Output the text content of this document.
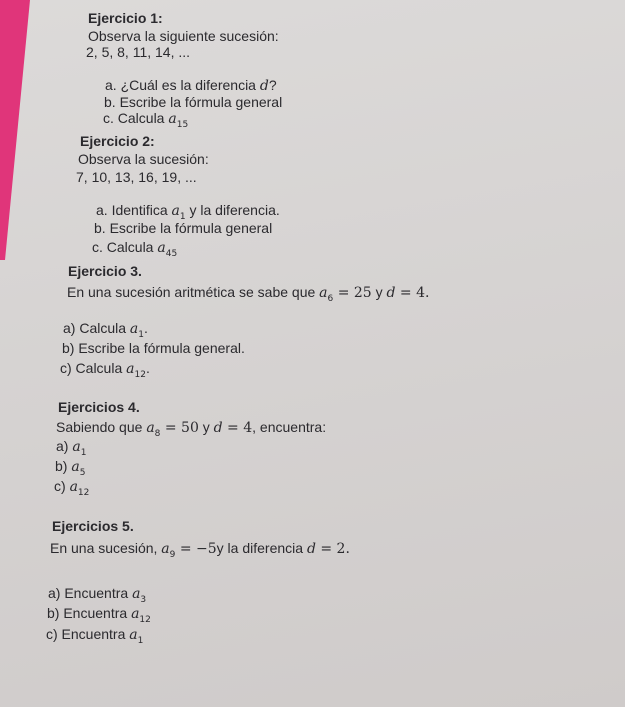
Ejercicio 1:
Observa la siguiente sucesión:
2, 5, 8, 11, 14, ...
a. ¿Cuál es la diferencia d?
b. Escribe la fórmula general
c. Calcula $a_{15}$
Ejercicio 2:
Observa la sucesión:
7, 10, 13, 16, 19, ...
a. Identifica $a_1$ y la diferencia.
b. Escribe la fórmula general
c. Calcula $a_{45}$
Ejercicio 3.
En una sucesión aritmética se sabe que $a_6 = 25$ y d = 4.
a) Calcula $a_1$.
b) Escribe la fórmula general.
c) Calcula $a_{12}$.
Ejercicios 4.
Sabiendo que $a_8 = 50$ y d = 4, encuentra:
a) $a_1$
b) $a_5$
c) $a_{12}$
Ejercicios 5.
En una sucesión, $a_9 = -5y$ la diferencia d = 2.
a) Encuentra $a_3$
b) Encuentra $a_{12}$
c) Encuentra $a_1$
